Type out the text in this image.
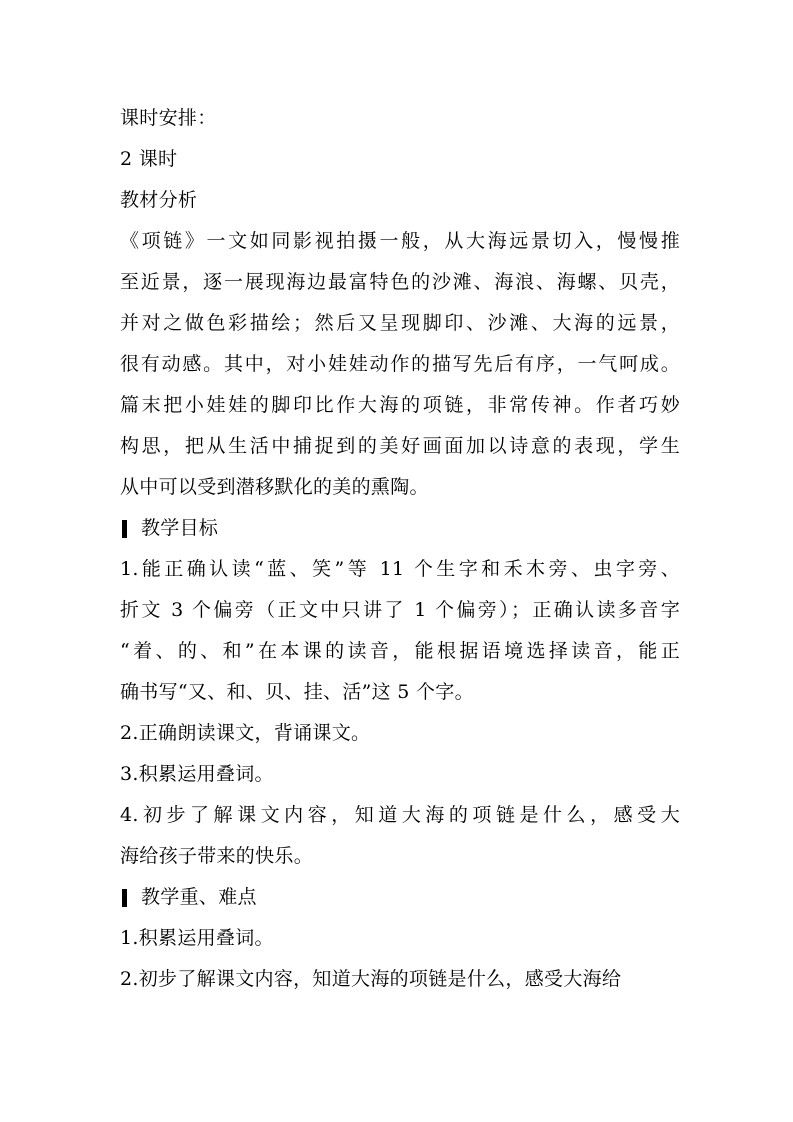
课时安排：

2 课时

教材分析

《项链》一文如同影视拍摄一般，从大海远景切入，慢慢推

至近景，逐一展现海边最富特色的沙滩、海浪、海螺、贝壳，

并对之做色彩描绘；然后又呈现脚印、沙滩、大海的远景，

很有动感。其中，对小娃娃动作的描写先后有序，一气呵成。

篇末把小娃娃的脚印比作大海的项链，非常传神。作者巧妙

构思，把从生活中捕捉到的美好画面加以诗意的表现，学生

从中可以受到潜移默化的美的熏陶。

教学目标

1.能正确认读“蓝、笑”等 11 个生字和禾木旁、虫字旁、

折文 3 个偏旁（正文中只讲了 1 个偏旁）；正确认读多音字

“着、的、和”在本课的读音，能根据语境选择读音，能正

确书写“又、和、贝、挂、活”这 5 个字。

2.正确朗读课文，背诵课文。

3.积累运用叠词。

4.初步了解课文内容，知道大海的项链是什么，感受大

海给孩子带来的快乐。

教学重、难点

1.积累运用叠词。

2.初步了解课文内容，知道大海的项链是什么，感受大海给
